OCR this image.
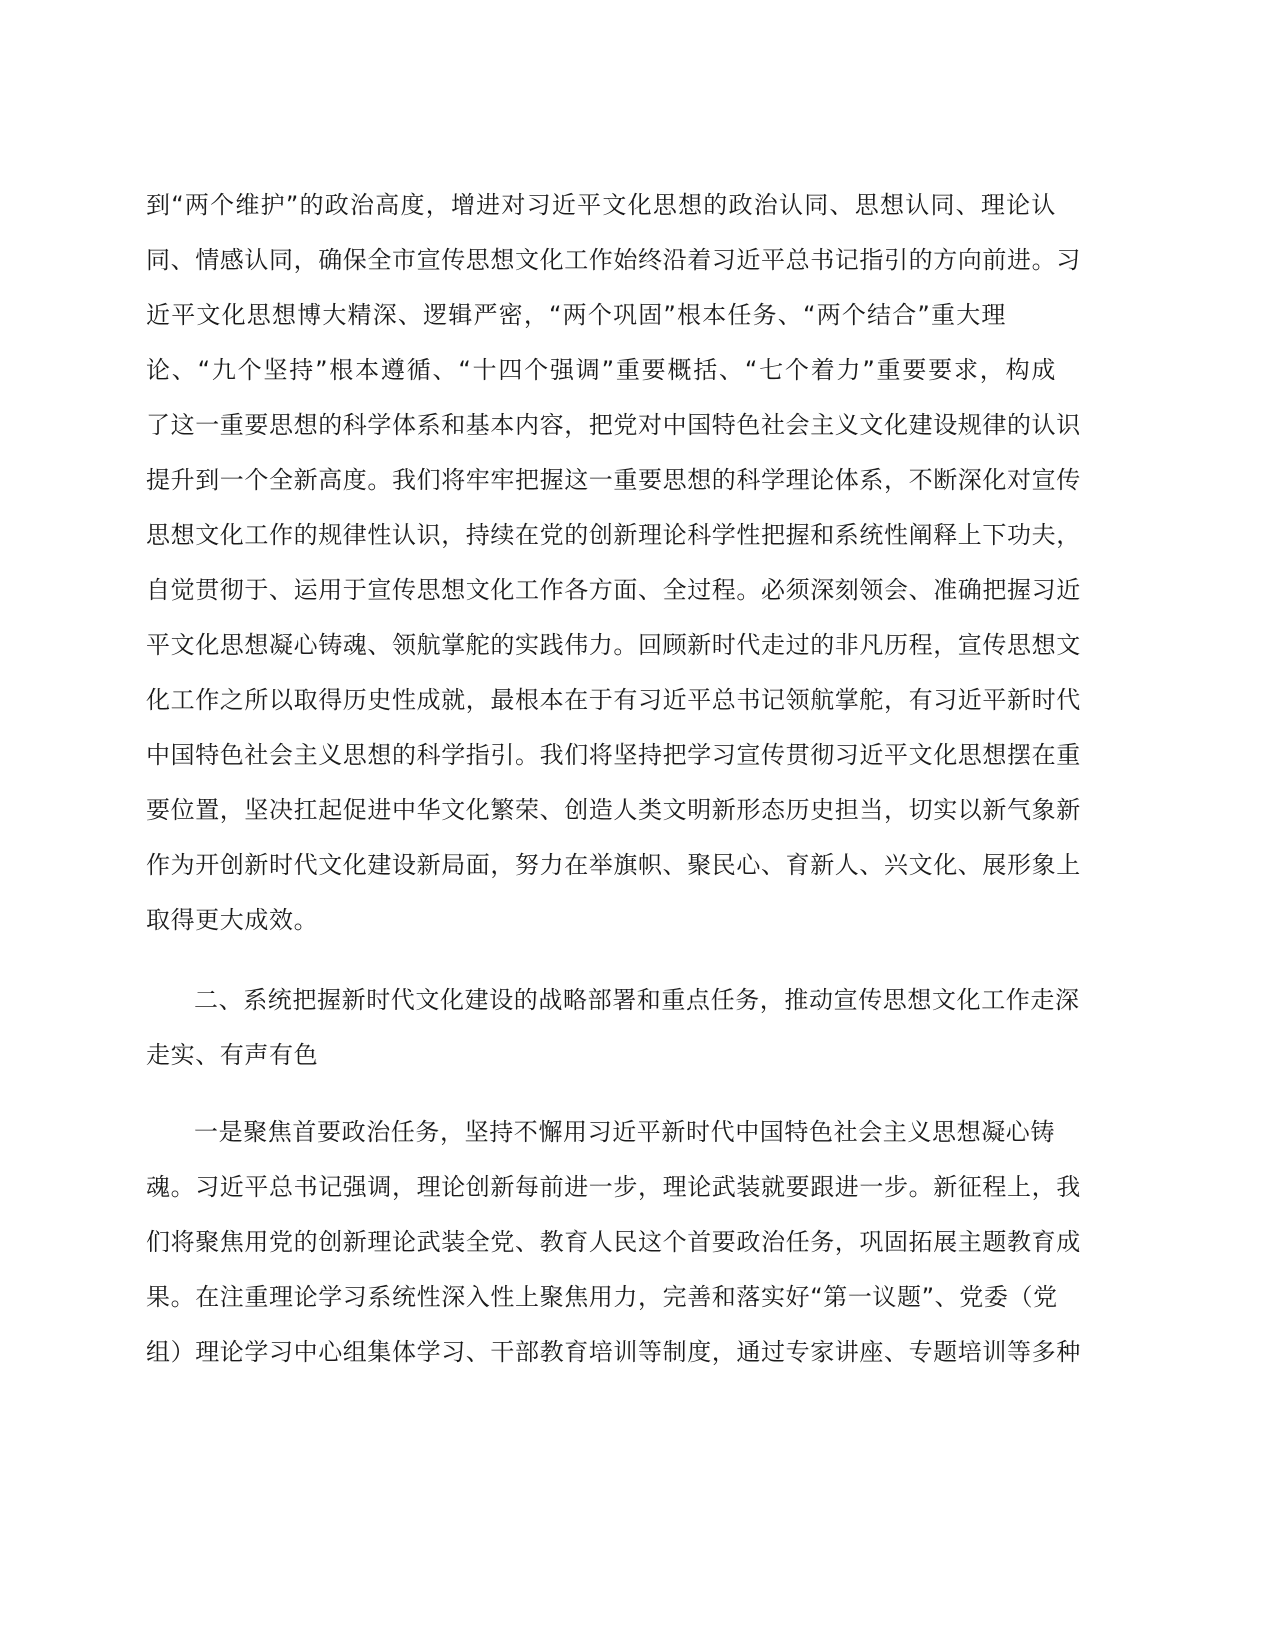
到“两个维护”的政治高度，增进对习近平文化思想的政治认同、思想认同、理论认
同、情感认同，确保全市宣传思想文化工作始终沿着习近平总书记指引的方向前进。习
近平文化思想博大精深、逻辑严密，“两个巩固”根本任务、“两个结合”重大理
论、“九个坚持”根本遵循、“十四个强调”重要概括、“七个着力”重要要求，构成
了这一重要思想的科学体系和基本内容，把党对中国特色社会主义文化建设规律的认识
提升到一个全新高度。我们将牢牢把握这一重要思想的科学理论体系，不断深化对宣传
思想文化工作的规律性认识，持续在党的创新理论科学性把握和系统性阐释上下功夫，
自觉贯彻于、运用于宣传思想文化工作各方面、全过程。必须深刻领会、准确把握习近
平文化思想凝心铸魂、领航掌舵的实践伟力。回顾新时代走过的非凡历程，宣传思想文
化工作之所以取得历史性成就，最根本在于有习近平总书记领航掌舵，有习近平新时代
中国特色社会主义思想的科学指引。我们将坚持把学习宣传贯彻习近平文化思想摆在重
要位置，坚决扛起促进中华文化繁荣、创造人类文明新形态历史担当，切实以新气象新
作为开创新时代文化建设新局面，努力在举旗帜、聚民心、育新人、兴文化、展形象上
取得更大成效。
二、系统把握新时代文化建设的战略部署和重点任务，推动宣传思想文化工作走深
走实、有声有色
一是聚焦首要政治任务，坚持不懈用习近平新时代中国特色社会主义思想凝心铸
魂。习近平总书记强调，理论创新每前进一步，理论武装就要跟进一步。新征程上，我
们将聚焦用党的创新理论武装全党、教育人民这个首要政治任务，巩固拓展主题教育成
果。在注重理论学习系统性深入性上聚焦用力，完善和落实好“第一议题”、党委（党
组）理论学习中心组集体学习、干部教育培训等制度，通过专家讲座、专题培训等多种
